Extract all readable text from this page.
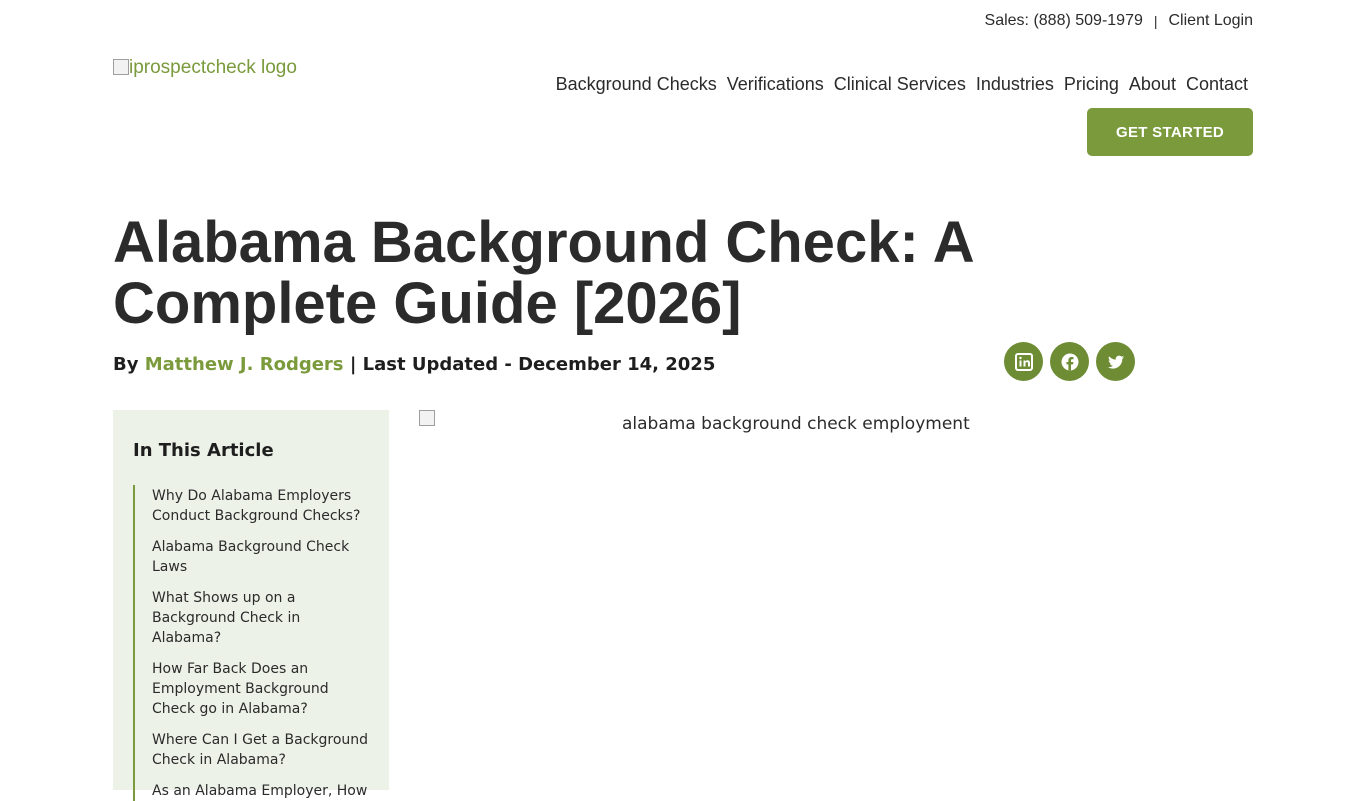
Sales: (888) 509-1979 | Client Login
iprospectcheck logo
Background Checks Verifications Clinical Services Industries Pricing About Contact
GET STARTED
Alabama Background Check: A Complete Guide [2026]
By Matthew J. Rodgers | Last Updated - December 14, 2025
In This Article
Why Do Alabama Employers Conduct Background Checks?
Alabama Background Check Laws
What Shows up on a Background Check in Alabama?
How Far Back Does an Employment Background Check go in Alabama?
Where Can I Get a Background Check in Alabama?
As an Alabama Employer, How
alabama background check employment
